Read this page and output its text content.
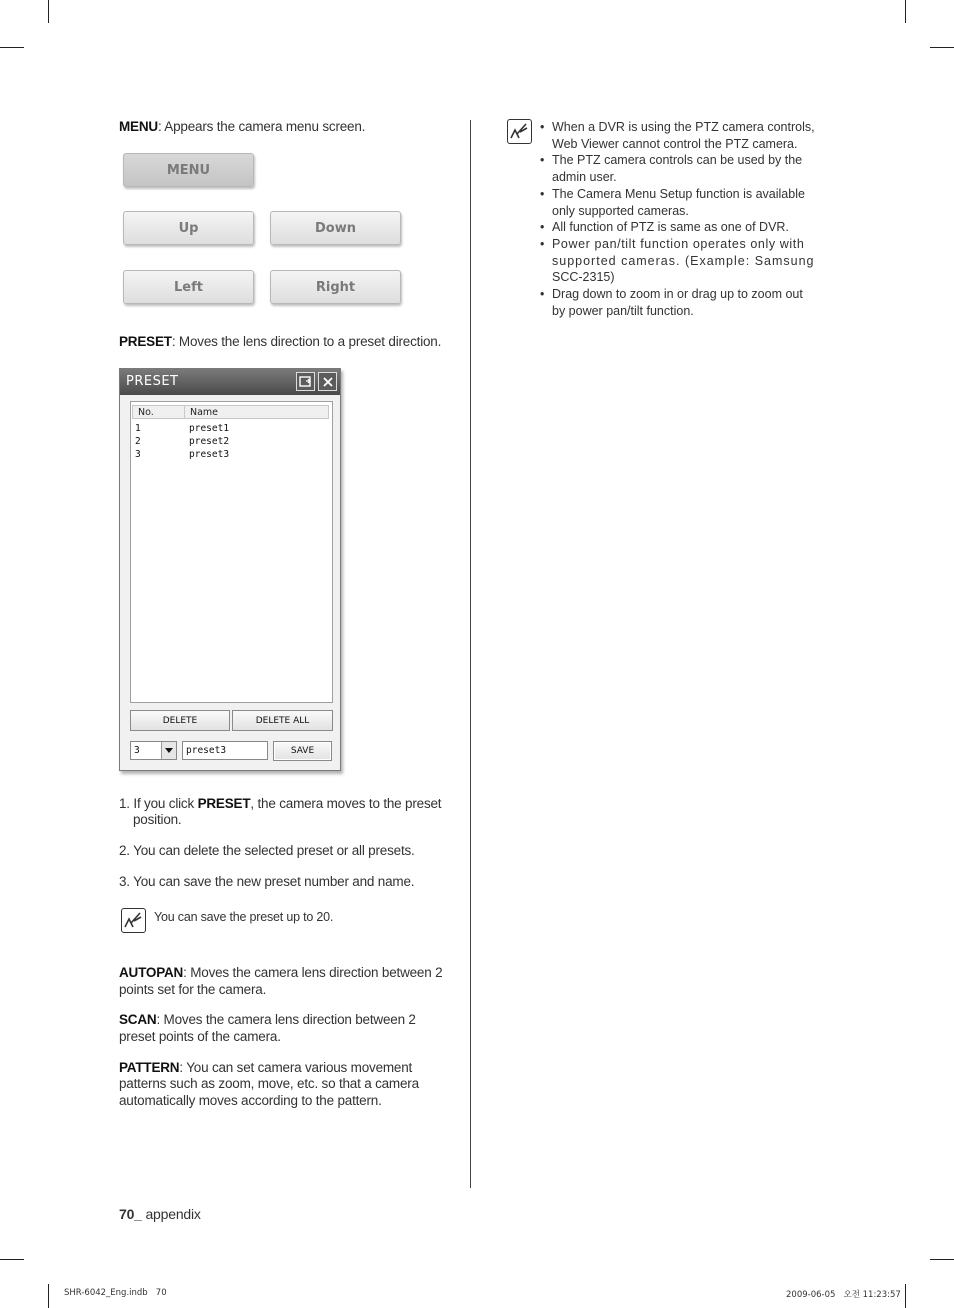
MENU: Appears the camera menu screen.
MENU
Up	Down
Left	Right
PRESET: Moves the lens direction to a preset direction.
PRESET
No.	Name
1	preset1
2	preset2
3	preset3
DELETE	DELETE ALL
3	preset3	SAVE
1. If you click PRESET, the camera moves to the preset
position.
2. You can delete the selected preset or all presets.
3. You can save the new preset number and name.
You can save the preset up to 20.
AUTOPAN: Moves the camera lens direction between 2
points set for the camera.
SCAN: Moves the camera lens direction between 2
preset points of the camera.
PATTERN: You can set camera various movement
patterns such as zoom, move, etc. so that a camera
automatically moves according to the pattern.
• When a DVR is using the PTZ camera controls,
Web Viewer cannot control the PTZ camera.
• The PTZ camera controls can be used by the
admin user.
• The Camera Menu Setup function is available
only supported cameras.
• All function of PTZ is same as one of DVR.
• Power pan/tilt function operates only with
supported cameras. (Example: Samsung
SCC-2315)
• Drag down to zoom in or drag up to zoom out
by power pan/tilt function.
70_ appendix
SHR-6042_Eng.indb   70	2009-06-05   오전 11:23:57
